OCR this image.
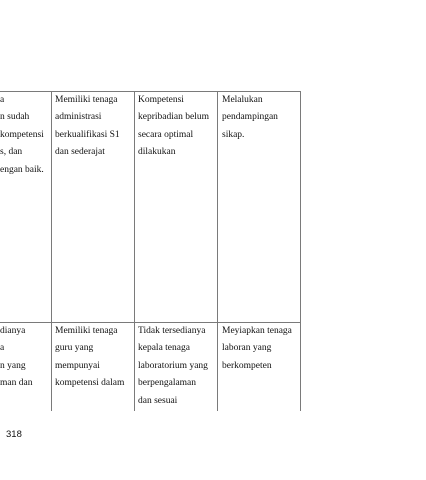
a
n sudah
kompetensi
s, dan
engan baik.
Memiliki tenaga
administrasi
berkualifikasi S1
dan sederajat
Kompetensi
kepribadian belum
secara optimal
dilakukan
Melalukan
pendampingan
sikap.
dianya
a
n yang
man dan
Memiliki tenaga
guru yang
mempunyai
kompetensi dalam
Tidak tersedianya
kepala tenaga
laboratorium yang
berpengalaman
dan sesuai
Meyiapkan tenaga
laboran yang
berkompeten
318
